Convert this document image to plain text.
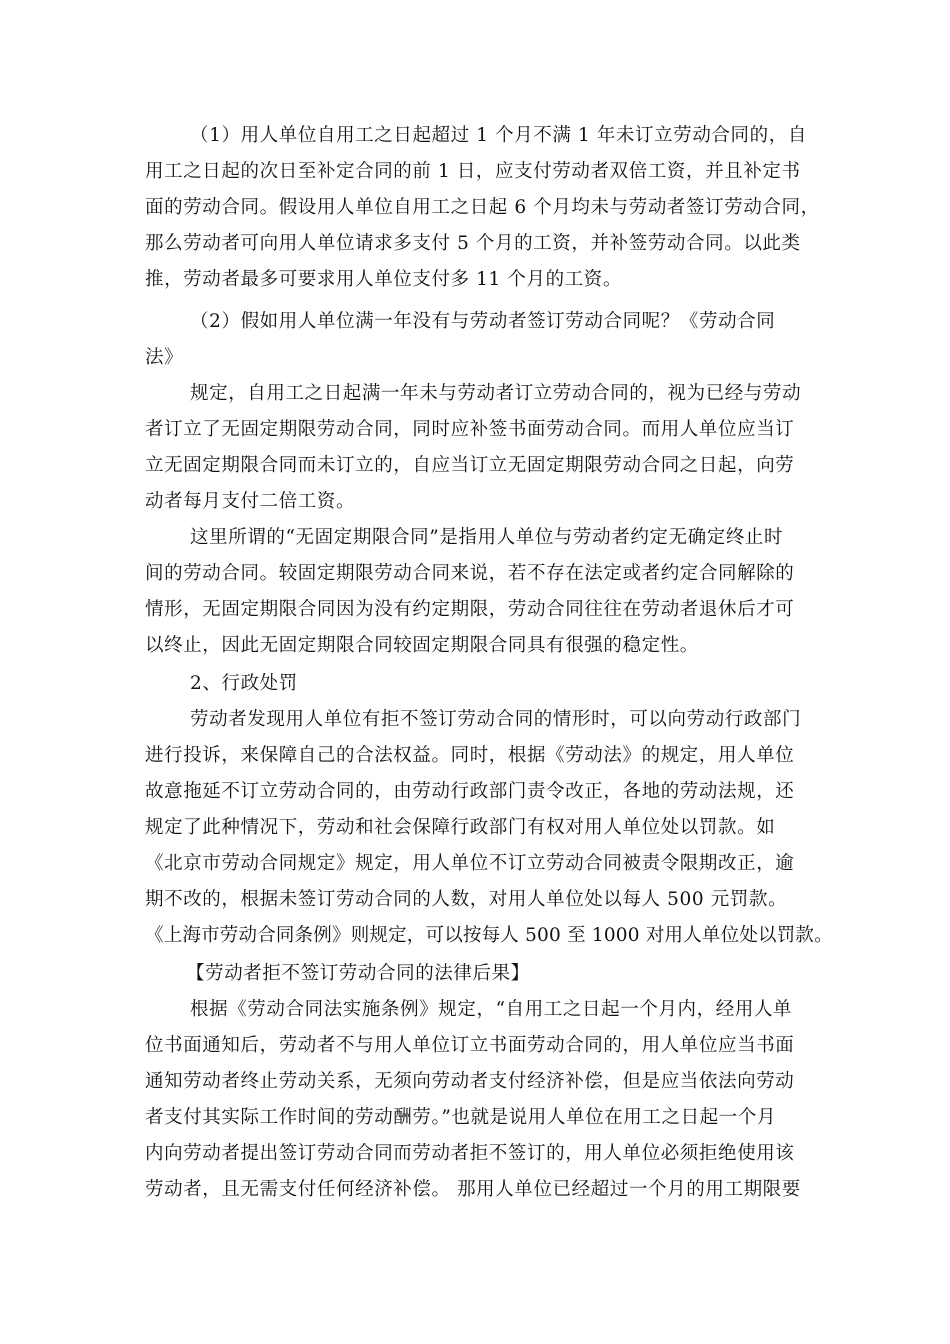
（1）用人单位自用工之日起超过 1 个月不满 1 年未订立劳动合同的，自
用工之日起的次日至补定合同的前 1 日，应支付劳动者双倍工资，并且补定书
面的劳动合同。假设用人单位自用工之日起 6 个月均未与劳动者签订劳动合同，
那么劳动者可向用人单位请求多支付 5 个月的工资，并补签劳动合同。以此类
推，劳动者最多可要求用人单位支付多 11 个月的工资。
（2）假如用人单位满一年没有与劳动者签订劳动合同呢？《劳动合同
法》
规定，自用工之日起满一年未与劳动者订立劳动合同的，视为已经与劳动
者订立了无固定期限劳动合同，同时应补签书面劳动合同。而用人单位应当订
立无固定期限合同而未订立的，自应当订立无固定期限劳动合同之日起，向劳
动者每月支付二倍工资。
这里所谓的“无固定期限合同”是指用人单位与劳动者约定无确定终止时
间的劳动合同。较固定期限劳动合同来说，若不存在法定或者约定合同解除的
情形，无固定期限合同因为没有约定期限，劳动合同往往在劳动者退休后才可
以终止，因此无固定期限合同较固定期限合同具有很强的稳定性。
2、行政处罚
劳动者发现用人单位有拒不签订劳动合同的情形时，可以向劳动行政部门
进行投诉，来保障自己的合法权益。同时，根据《劳动法》的规定，用人单位
故意拖延不订立劳动合同的，由劳动行政部门责令改正，各地的劳动法规，还
规定了此种情况下，劳动和社会保障行政部门有权对用人单位处以罚款。如
《北京市劳动合同规定》规定，用人单位不订立劳动合同被责令限期改正，逾
期不改的，根据未签订劳动合同的人数，对用人单位处以每人 500 元罚款。
《上海市劳动合同条例》则规定，可以按每人 500 至 1000 对用人单位处以罚款。
【劳动者拒不签订劳动合同的法律后果】
根据《劳动合同法实施条例》规定，“自用工之日起一个月内，经用人单
位书面通知后，劳动者不与用人单位订立书面劳动合同的，用人单位应当书面
通知劳动者终止劳动关系，无须向劳动者支付经济补偿，但是应当依法向劳动
者支付其实际工作时间的劳动酬劳。”也就是说用人单位在用工之日起一个月
内向劳动者提出签订劳动合同而劳动者拒不签订的，用人单位必须拒绝使用该
劳动者，且无需支付任何经济补偿。 那用人单位已经超过一个月的用工期限要
